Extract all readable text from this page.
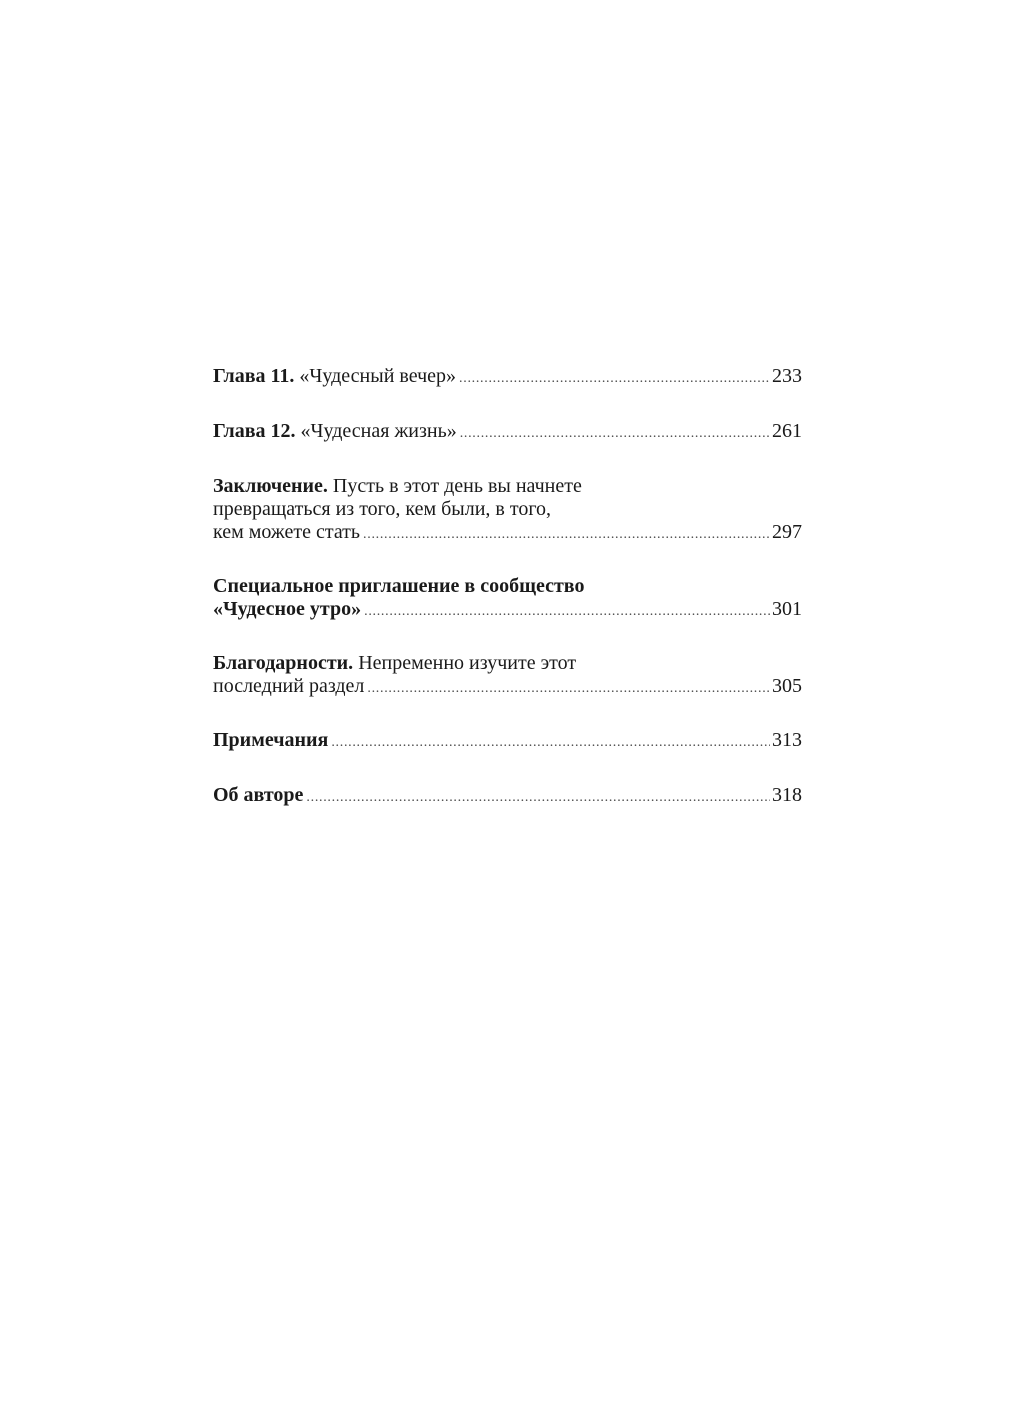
Глава 11. «Чудесный вечер» . . .	233
Глава 12. «Чудесная жизнь» . . .	261
Заключение. Пусть в этот день вы начнете
превращаться из того, кем были, в того,
кем можете стать . . .	297
Специальное приглашение в сообщество
«Чудесное утро» . . .	301
Благодарности. Непременно изучите этот
последний раздел . . .	305
Примечания . . .	313
Об авторе . . .	318
